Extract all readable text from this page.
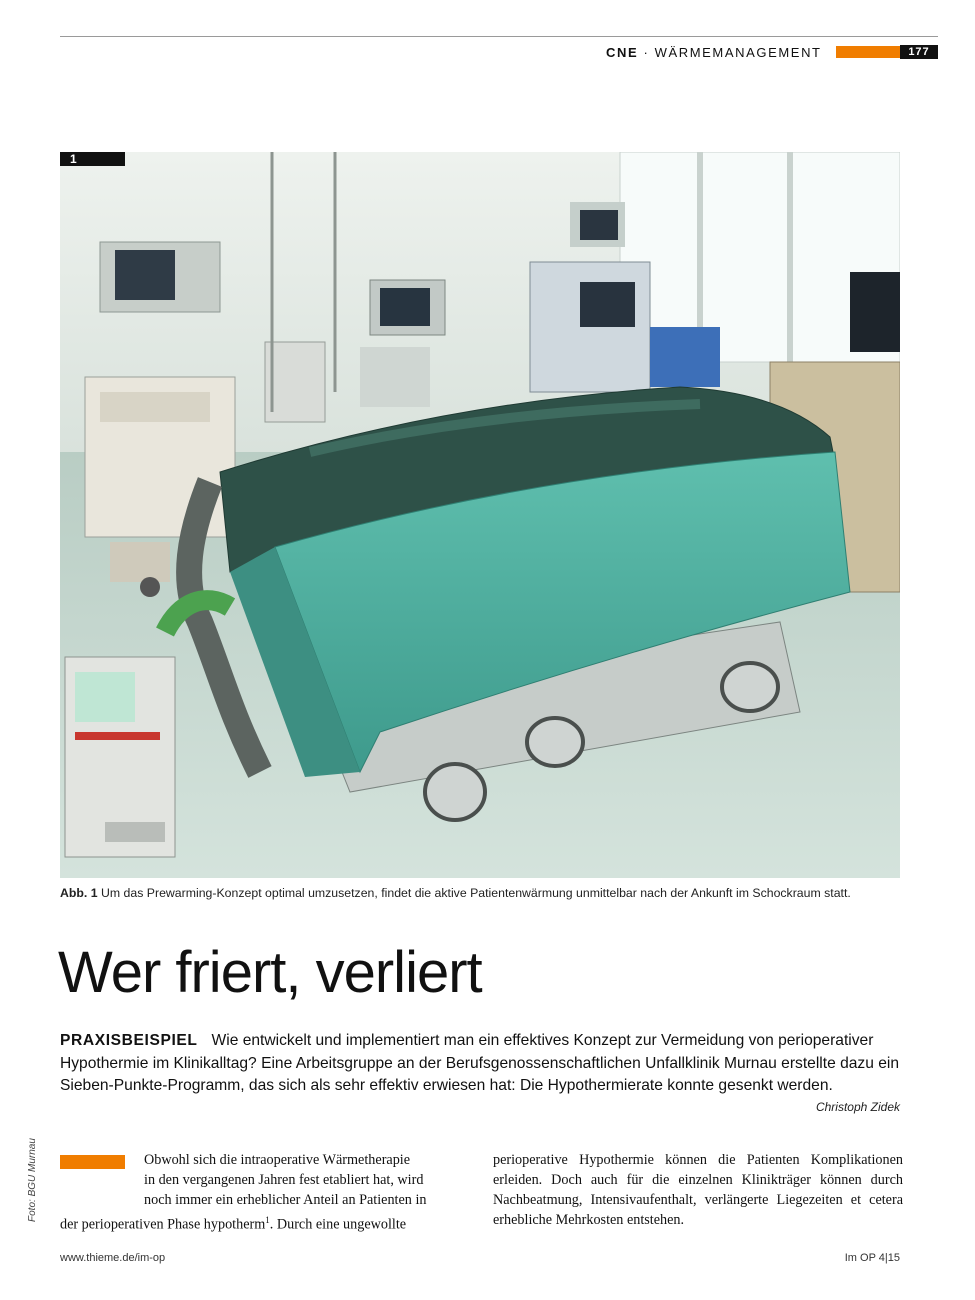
CNE · WÄRMEMANAGEMENT	177
1
Abb. 1 Um das Prewarming-Konzept optimal umzusetzen, findet die aktive Patientenwärmung unmittelbar nach der Ankunft im Schockraum statt.
Wer friert, verliert
PRAXISBEISPIEL Wie entwickelt und implementiert man ein effektives Konzept zur Vermeidung von perioperativer Hypothermie im Klinikalltag? Eine Arbeitsgruppe an der Berufsgenossenschaftlichen Unfallklinik Murnau erstellte dazu ein Sieben-Punkte-Programm, das sich als sehr effektiv erwiesen hat: Die Hypothermierate konnte gesenkt werden.
Christoph Zidek
Foto: BGU Murnau	Obwohl sich die intraoperative Wärmetherapie
in den vergangenen Jahren fest etabliert hat, wird
noch immer ein erheblicher Anteil an Patienten in

der perioperativen Phase hypotherm$^1$. Durch eine ungewollte

perioperative Hypothermie können die Patienten Komplikationen erleiden. Doch auch für die einzelnen Klinikträger können durch Nachbeatmung, Intensivaufenthalt, verlängerte Liegezeiten et cetera erhebliche Mehrkosten entstehen.

www.thieme.de/im-op	Im OP 4|15
